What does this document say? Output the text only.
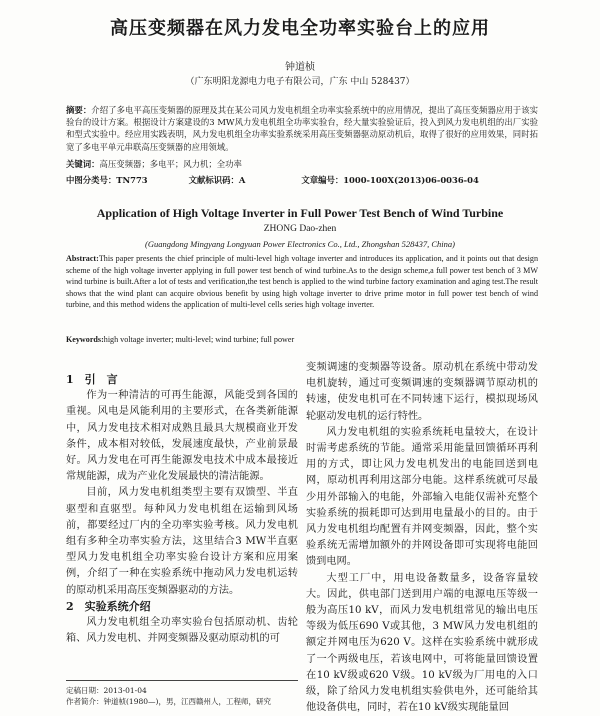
高压变频器在风力发电全功率实验台上的应用
钟道桢
（广东明阳龙源电力电子有限公司，广东 中山 528437）
摘要：介绍了多电平高压变频器的原理及其在某公司风力发电机组全功率实验系统中的应用情况，提出了高压变频器应用于该实验台的设计方案。根据设计方案建设的3 MW风力发电机组全功率实验台，经大量实验验证后，投入到风力发电机组的出厂实验和型式实验中。经应用实践表明，风力发电机组全功率实验系统采用高压变频器驱动原动机后，取得了很好的应用效果，同时拓宽了多电平单元串联高压变频器的应用领域。
关键词：高压变频器；多电平；风力机；全功率
中图分类号：TN773	文献标识码：A	文章编号：1000-100X(2013)06-0036-04
Application of High Voltage Inverter in Full Power Test Bench of Wind Turbine
ZHONG Dao-zhen
(Guangdong Mingyang Longyuan Power Electronics Co., Ltd., Zhongshan 528437, China)
Abstract:This paper presents the chief principle of multi-level high voltage inverter and introduces its application, and it points out that design scheme of the high voltage inverter applying in full power test bench of wind turbine.As to the design scheme,a full power test bench of 3 MW wind turbine is built.After a lot of tests and verification,the test bench is applied to the wind turbine factory examination and aging test.The result shows that the wind plant can acquire obvious benefit by using high voltage inverter to drive prime motor in full power test bench of wind turbine, and this method widens the application of multi-level cells series high voltage inverter.
Keywords:high voltage inverter; multi-level; wind turbine; full power

1　引　言

作为一种清洁的可再生能源，风能受到各国的重视。风电是风能利用的主要形式，在各类新能源中，风力发电技术相对成熟且最具大规模商业开发条件，成本相对较低，发展速度最快，产业前景最好。风力发电在可再生能源发电技术中成本最接近常规能源，成为产业化发展最快的清洁能源。

目前，风力发电机组类型主要有双馈型、半直驱型和直驱型。每种风力发电机组在运输到风场前，都要经过厂内的全功率实验考核。风力发电机组有多种全功率实验方法，这里结合3 MW半直驱型风力发电机组全功率实验台设计方案和应用案例，介绍了一种在实验系统中拖动风力发电机运转的原动机采用高压变频器驱动的方法。

2　实验系统介绍

风力发电机组全功率实验台包括原动机、齿轮箱、风力发电机、并网变频器及驱动原动机的可

变频调速的变频器等设备。原动机在系统中带动发电机旋转，通过可变频调速的变频器调节原动机的转速，使发电机可在不同转速下运行，模拟现场风轮驱动发电机的运行特性。

风力发电机组的实验系统耗电量较大，在设计时需考虑系统的节能。通常采用能量回馈循环再利用的方式，即让风力发电机发出的电能回送到电网，原动机再利用这部分电能。这样系统就可尽最少用外部输入的电能，外部输入电能仅需补充整个实验系统的损耗即可达到用电量最小的目的。由于风力发电机组均配置有并网变频器，因此，整个实验系统无需增加额外的并网设备即可实现将电能回馈到电网。

大型工厂中，用电设备数量多，设备容量较大。因此，供电部门送到用户端的电源电压等级一般为高压10 kV，而风力发电机组常见的输出电压等级为低压690 V或其他，3 MW风力发电机组的额定并网电压为620 V。这样在实验系统中就形成了一个两级电压，若该电网中，可将能量回馈设置在10 kV级或620 V级。10 kV级为厂用电的入口级，除了给风力发电机组实验供电外，还可能给其他设备供电，同时，若在10 kV级实现能量回

定稿日期：2013-01-04
作者简介：钟道桢(1980—)，男，江西赣州人，工程师，研究
